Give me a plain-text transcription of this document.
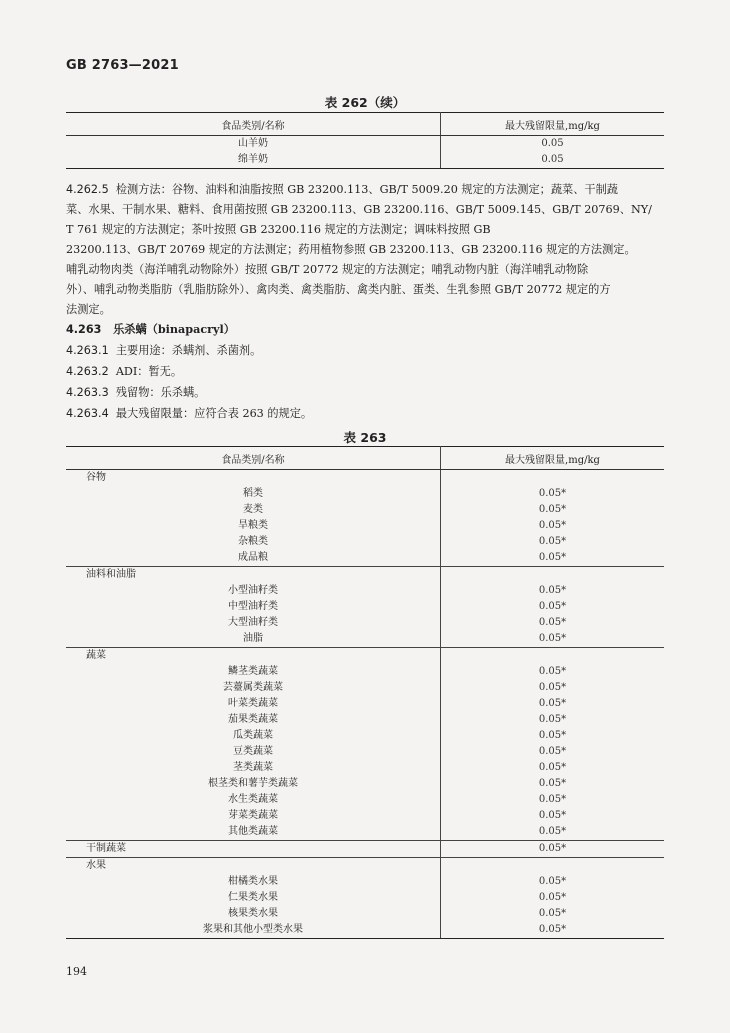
GB 2763—2021
表 262（续）
食品类别/名称	最大残留限量,mg/kg
山羊奶	0.05
绵羊奶	0.05
4.262.5 检测方法：谷物、油料和油脂按照 GB 23200.113、GB/T 5009.20 规定的方法测定；蔬菜、干制蔬
菜、水果、干制水果、糖料、食用菌按照 GB 23200.113、GB 23200.116、GB/T 5009.145、GB/T 20769、NY/
T 761 规定的方法测定；茶叶按照 GB 23200.116 规定的方法测定；调味料按照 GB
23200.113、GB/T 20769 规定的方法测定；药用植物参照 GB 23200.113、GB 23200.116 规定的方法测定。
哺乳动物肉类（海洋哺乳动物除外）按照 GB/T 20772 规定的方法测定；哺乳动物内脏（海洋哺乳动物除
外）、哺乳动物类脂肪（乳脂肪除外）、禽肉类、禽类脂肪、禽类内脏、蛋类、生乳参照 GB/T 20772 规定的方
法测定。
4.263 乐杀螨（binapacryl）
4.263.1 主要用途：杀螨剂、杀菌剂。
4.263.2 ADI：暂无。
4.263.3 残留物：乐杀螨。
4.263.4 最大残留限量：应符合表 263 的规定。
表 263
食品类别/名称	最大残留限量,mg/kg
谷物	
稻类	0.05*
麦类	0.05*
旱粮类	0.05*
杂粮类	0.05*
成品粮	0.05*
油料和油脂	
小型油籽类	0.05*
中型油籽类	0.05*
大型油籽类	0.05*
油脂	0.05*
蔬菜	
鳞茎类蔬菜	0.05*
芸薹属类蔬菜	0.05*
叶菜类蔬菜	0.05*
茄果类蔬菜	0.05*
瓜类蔬菜	0.05*
豆类蔬菜	0.05*
茎类蔬菜	0.05*
根茎类和薯芋类蔬菜	0.05*
水生类蔬菜	0.05*
芽菜类蔬菜	0.05*
其他类蔬菜	0.05*
干制蔬菜	0.05*
水果	
柑橘类水果	0.05*
仁果类水果	0.05*
核果类水果	0.05*
浆果和其他小型类水果	0.05*
194
